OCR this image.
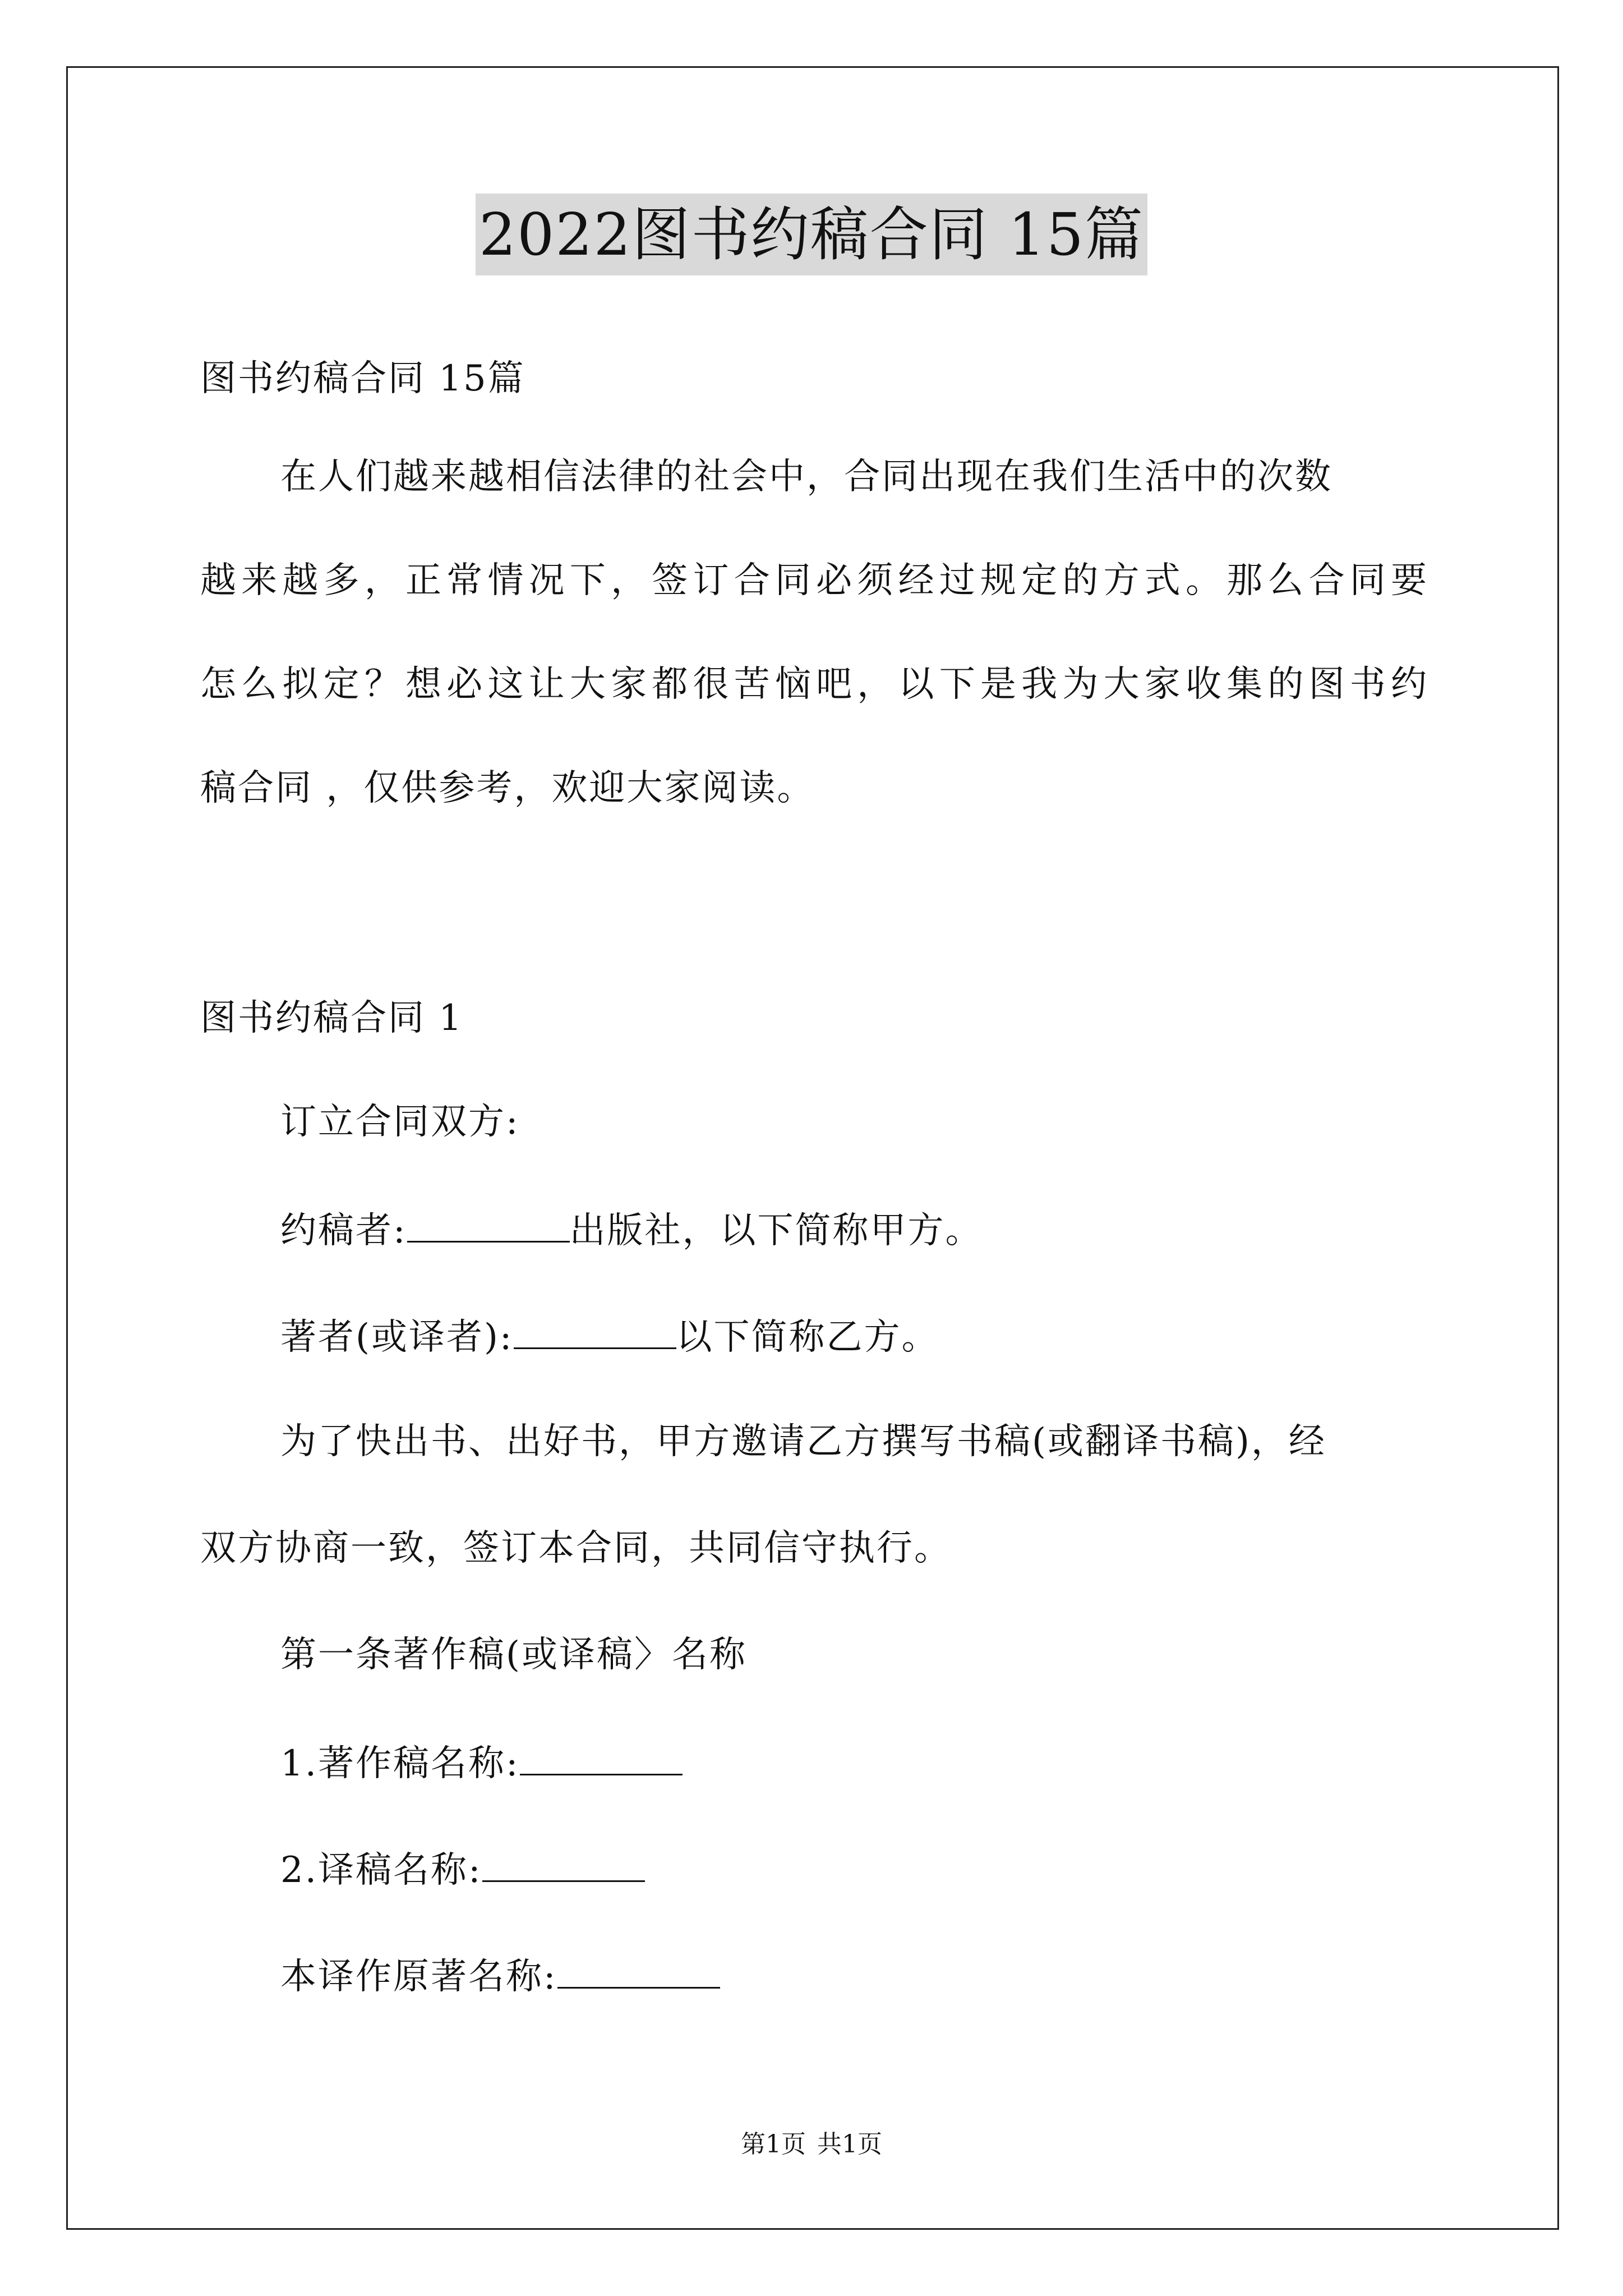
2022图书约稿合同 15篇
图书约稿合同 15篇
在人们越来越相信法律的社会中，合同出现在我们生活中的次数
越来越多，正常情况下，签订合同必须经过规定的方式。那么合同要
怎么拟定？想必这让大家都很苦恼吧，以下是我为大家收集的图书约
稿合同 ，仅供参考，欢迎大家阅读。
图书约稿合同 1
订立合同双方:
约稿者:	出版社，以下简称甲方。
著者(或译者):	以下简称乙方。
为了快出书、出好书，甲方邀请乙方撰写书稿(或翻译书稿)，经
双方协商一致，签订本合同，共同信守执行。
第一条著作稿(或译稿〉名称
1.著作稿名称:
2.译稿名称:
本译作原著名称:
第1页 共1页
